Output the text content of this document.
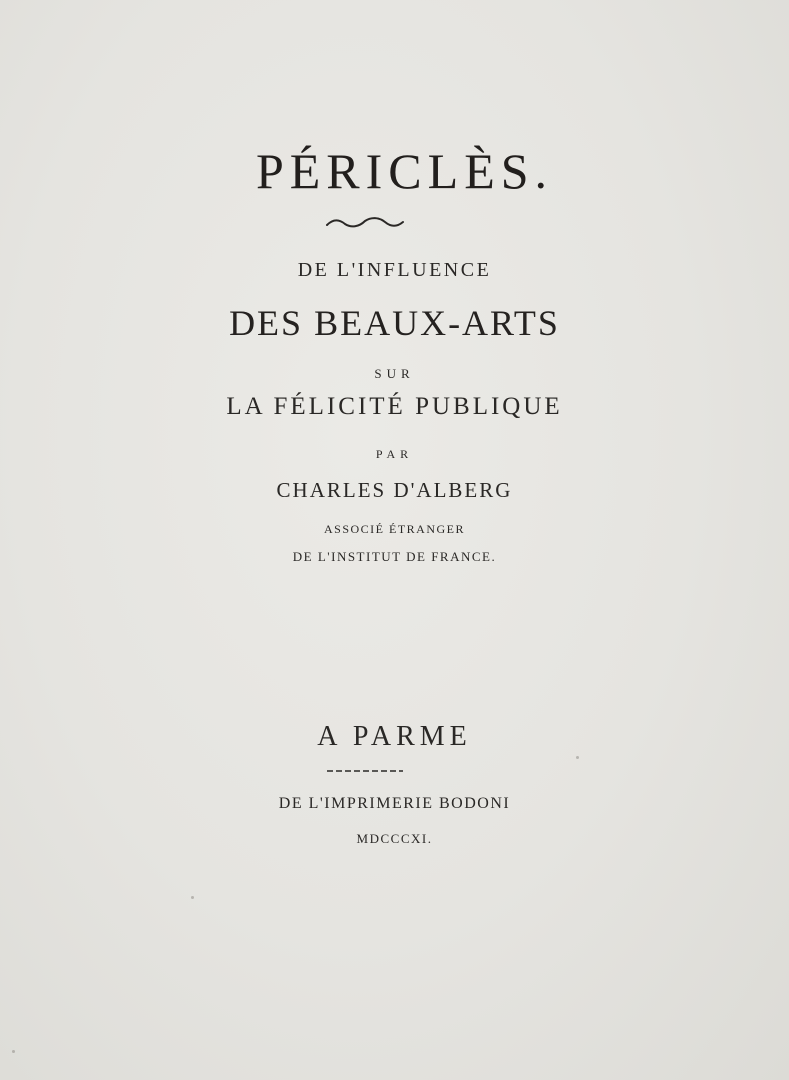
PÉRICLÈS.

DE L'INFLUENCE

DES BEAUX-ARTS

SUR

LA FÉLICITÉ PUBLIQUE

PAR

CHARLES D'ALBERG

ASSOCIÉ ÉTRANGER

DE L'INSTITUT DE FRANCE.

A PARME

DE L'IMPRIMERIE BODONI

MDCCCXI.
